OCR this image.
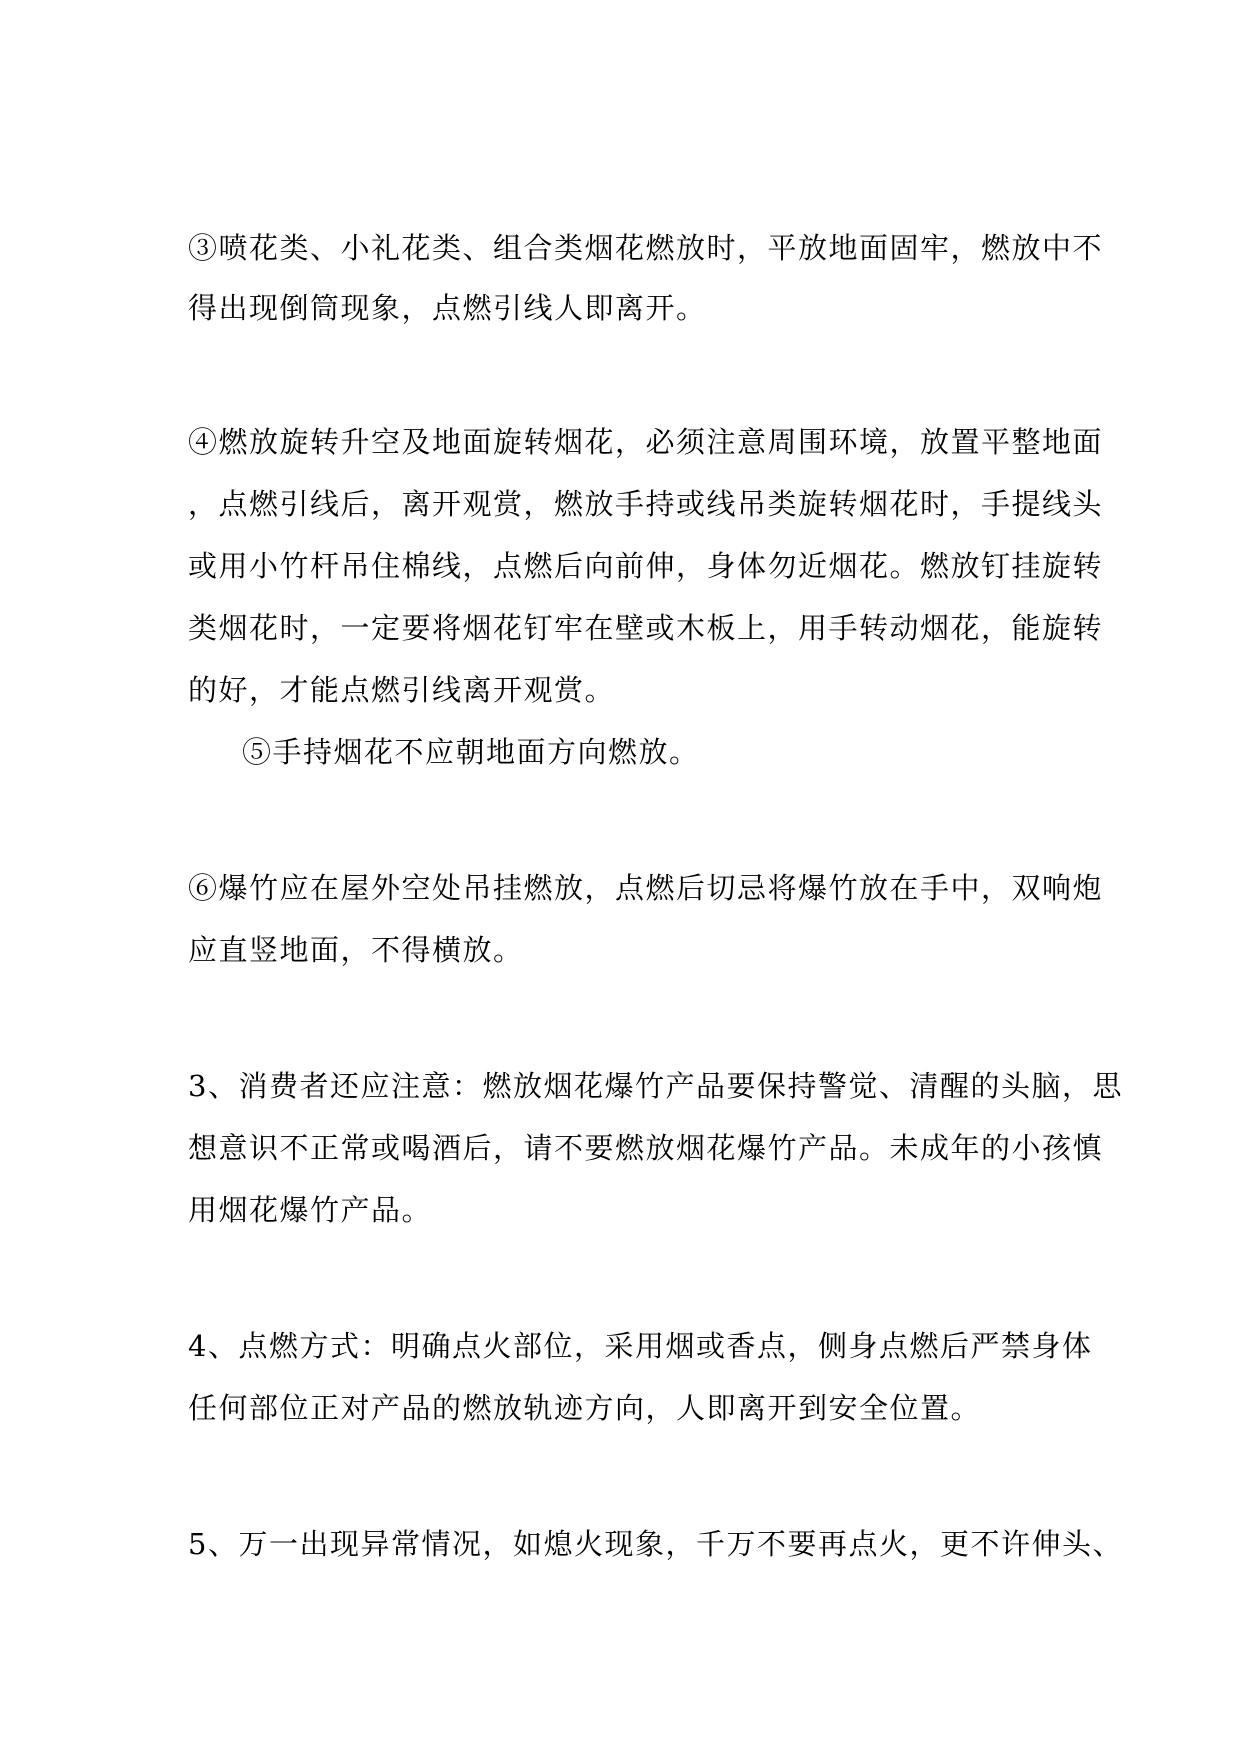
③喷花类、小礼花类、组合类烟花燃放时，平放地面固牢，燃放中不
得出现倒筒现象，点燃引线人即离开。
④燃放旋转升空及地面旋转烟花，必须注意周围环境，放置平整地面
，点燃引线后，离开观赏，燃放手持或线吊类旋转烟花时，手提线头
或用小竹杆吊住棉线，点燃后向前伸，身体勿近烟花。燃放钉挂旋转
类烟花时，一定要将烟花钉牢在壁或木板上，用手转动烟花，能旋转
的好，才能点燃引线离开观赏。
⑤手持烟花不应朝地面方向燃放。
⑥爆竹应在屋外空处吊挂燃放，点燃后切忌将爆竹放在手中，双响炮
应直竖地面，不得横放。
3、消费者还应注意：燃放烟花爆竹产品要保持警觉、清醒的头脑，思
想意识不正常或喝酒后，请不要燃放烟花爆竹产品。未成年的小孩慎
用烟花爆竹产品。
4、点燃方式：明确点火部位，采用烟或香点，侧身点燃后严禁身体
任何部位正对产品的燃放轨迹方向，人即离开到安全位置。
5、万一出现异常情况，如熄火现象，千万不要再点火，更不许伸头、
